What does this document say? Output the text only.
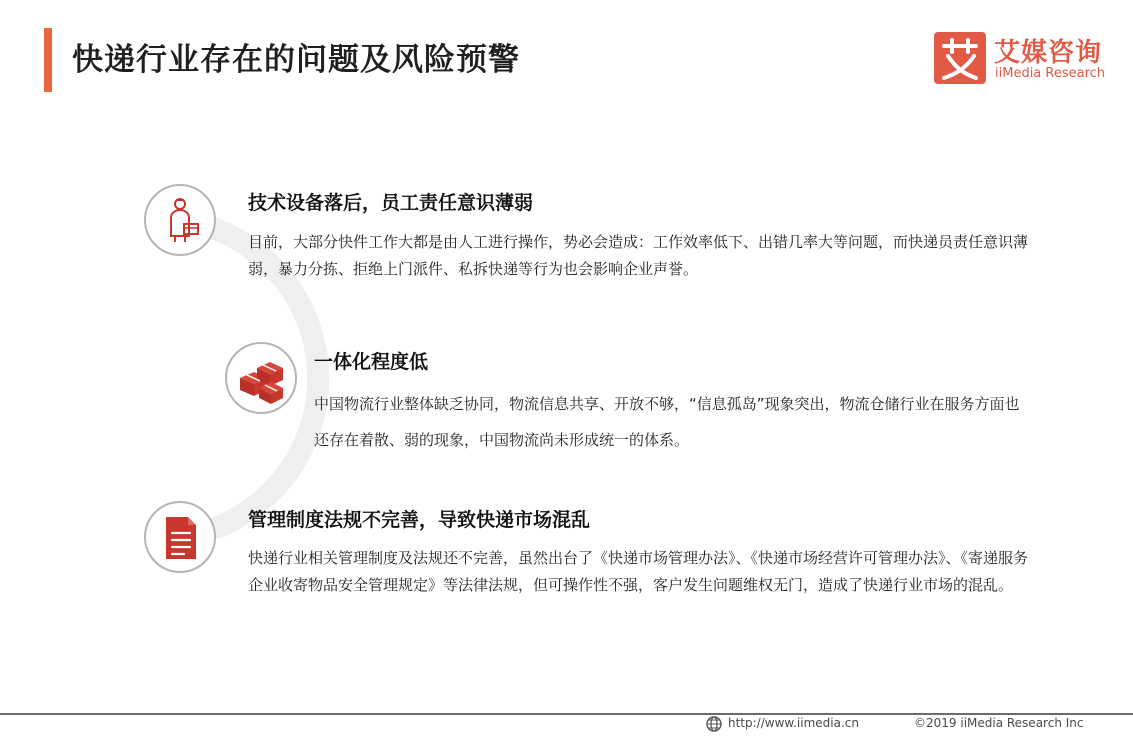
快递行业存在的问题及风险预警	艾媒咨询
iiMedia Research
技术设备落后，员工责任意识薄弱
目前，大部分快件工作大都是由人工进行操作，势必会造成：工作效率低下、出错几率大等问题，而快递员责任意识薄弱，暴力分拣、拒绝上门派件、私拆快递等行为也会影响企业声誉。
一体化程度低
中国物流行业整体缺乏协同，物流信息共享、开放不够，“信息孤岛”现象突出，物流仓储行业在服务方面也还存在着散、弱的现象，中国物流尚未形成统一的体系。
管理制度法规不完善，导致快递市场混乱
快递行业相关管理制度及法规还不完善，虽然出台了《快递市场管理办法》、《快递市场经营许可管理办法》、《寄递服务企业收寄物品安全管理规定》等法律法规，但可操作性不强，客户发生问题维权无门，造成了快递行业市场的混乱。
http://www.iimedia.cn	©2019 iiMedia Research Inc
